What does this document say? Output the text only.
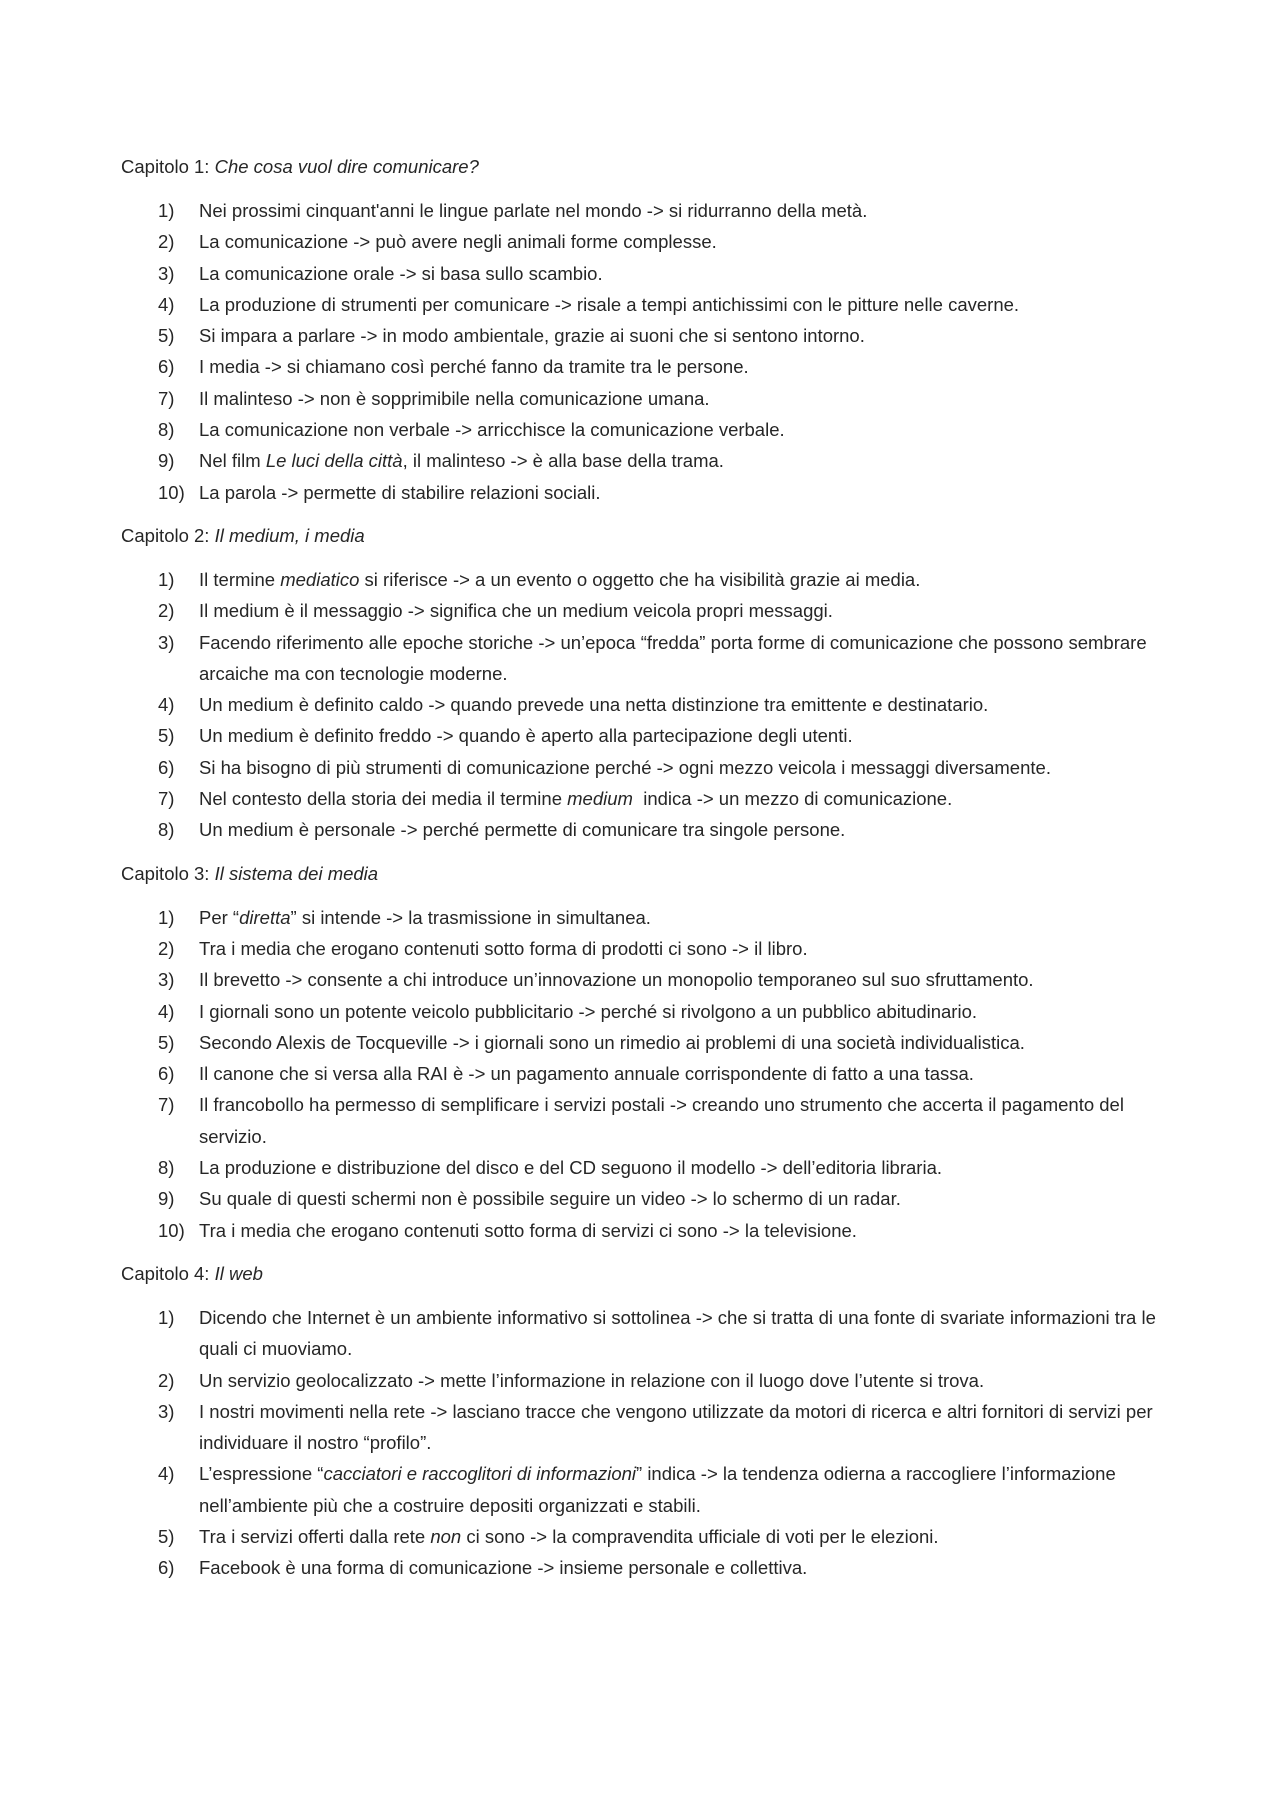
Capitolo 1: Che cosa vuol dire comunicare?
1)	Nei prossimi cinquant'anni le lingue parlate nel mondo -> si ridurranno della metà.
2)	La comunicazione -> può avere negli animali forme complesse.
3)	La comunicazione orale -> si basa sullo scambio.
4)	La produzione di strumenti per comunicare -> risale a tempi antichissimi con le pitture nelle caverne.
5)	Si impara a parlare -> in modo ambientale, grazie ai suoni che si sentono intorno.
6)	I media -> si chiamano così perché fanno da tramite tra le persone.
7)	Il malinteso -> non è sopprimibile nella comunicazione umana.
8)	La comunicazione non verbale -> arricchisce la comunicazione verbale.
9)	Nel film Le luci della città, il malinteso -> è alla base della trama.
10) La parola -> permette di stabilire relazioni sociali.
Capitolo 2: Il medium, i media
1)	Il termine mediatico si riferisce -> a un evento o oggetto che ha visibilità grazie ai media.
2)	Il medium è il messaggio -> significa che un medium veicola propri messaggi.
3)	Facendo riferimento alle epoche storiche -> un’epoca “fredda” porta forme di comunicazione che possono sembrare arcaiche ma con tecnologie moderne.
4)	Un medium è definito caldo -> quando prevede una netta distinzione tra emittente e destinatario.
5)	Un medium è definito freddo -> quando è aperto alla partecipazione degli utenti.
6)	Si ha bisogno di più strumenti di comunicazione perché -> ogni mezzo veicola i messaggi diversamente.
7)	Nel contesto della storia dei media il termine medium  indica -> un mezzo di comunicazione.
8)	Un medium è personale -> perché permette di comunicare tra singole persone.
Capitolo 3: Il sistema dei media
1)	Per “diretta” si intende -> la trasmissione in simultanea.
2)	Tra i media che erogano contenuti sotto forma di prodotti ci sono -> il libro.
3)	Il brevetto -> consente a chi introduce un’innovazione un monopolio temporaneo sul suo sfruttamento.
4)	I giornali sono un potente veicolo pubblicitario -> perché si rivolgono a un pubblico abitudinario.
5)	Secondo Alexis de Tocqueville -> i giornali sono un rimedio ai problemi di una società individualistica.
6)	Il canone che si versa alla RAI è -> un pagamento annuale corrispondente di fatto a una tassa.
7)	Il francobollo ha permesso di semplificare i servizi postali -> creando uno strumento che accerta il pagamento del servizio.
8)	La produzione e distribuzione del disco e del CD seguono il modello -> dell’editoria libraria.
9)	Su quale di questi schermi non è possibile seguire un video -> lo schermo di un radar.
10) Tra i media che erogano contenuti sotto forma di servizi ci sono -> la televisione.
Capitolo 4: Il web
1)	Dicendo che Internet è un ambiente informativo si sottolinea -> che si tratta di una fonte di svariate informazioni tra le quali ci muoviamo.
2)	Un servizio geolocalizzato -> mette l’informazione in relazione con il luogo dove l’utente si trova.
3)	I nostri movimenti nella rete -> lasciano tracce che vengono utilizzate da motori di ricerca e altri fornitori di servizi per individuare il nostro “profilo”.
4)	L’espressione “cacciatori e raccoglitori di informazioni” indica -> la tendenza odierna a raccogliere l’informazione nell’ambiente più che a costruire depositi organizzati e stabili.
5)	Tra i servizi offerti dalla rete non ci sono -> la compravendita ufficiale di voti per le elezioni.
6)	Facebook è una forma di comunicazione -> insieme personale e collettiva.
